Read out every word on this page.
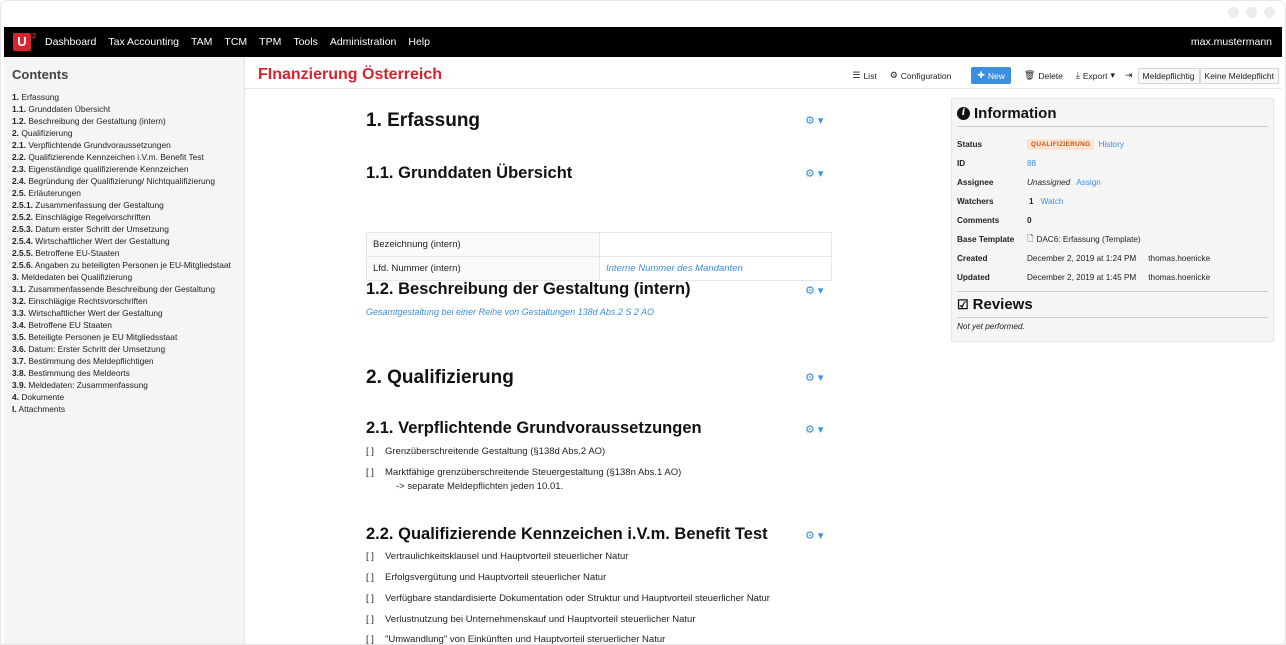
U 2 Dashboard Tax Accounting TAM TCM TPM Tools Administration Help	max.mustermann
Contents
1. Erfassung
1.1. Grunddaten Übersicht
1.2. Beschreibung der Gestaltung (intern)
2. Qualifizierung
2.1. Verpflichtende Grundvoraussetzungen
2.2. Qualifizierende Kennzeichen i.V.m. Benefit Test
2.3. Eigenständige qualifizierende Kennzeichen
2.4. Begründung der Qualifizierung/ Nichtqualifizierung
2.5. Erläuterungen
2.5.1. Zusammenfassung der Gestaltung
2.5.2. Einschlägige Regelvorschriften
2.5.3. Datum erster Schritt der Umsetzung
2.5.4. Wirtschaftlicher Wert der Gestaltung
2.5.5. Betroffene EU-Staaten
2.5.6. Angaben zu beteiligten Personen je EU-Mitgliedstaat
3. Meldedaten bei Qualifizierung
3.1. Zusammenfassende Beschreibung der Gestaltung
3.2. Einschlägige Rechtsvorschriften
3.3. Wirtschaftlicher Wert der Gestaltung
3.4. Betroffene EU Staaten
3.5. Beteiligte Personen je EU Mitgliedsstaat
3.6. Datum: Erster Schritt der Umsetzung
3.7. Bestimmung des Meldepflichtigen
3.8. Bestimmung des Meldeorts
3.9. Meldedaten: Zusammenfassung
4. Dokumente
I. Attachments
FInanzierung Österreich	☰ List ⚙ Configuration	✚ New 🗑 Delete ⤓ Export ▾ ⇥	Meldepflichtig	Keine Meldepflicht
1. Erfassung	⚙ ▾
1.1. Grunddaten Übersicht	⚙ ▾
Bezeichnung (intern)	
Lfd. Nummer (intern)	Interne Nummer des Mandanten
1.2. Beschreibung der Gestaltung (intern)	⚙ ▾
Gesamtgestaltung bei einer Reihe von Gestaltungen 138d Abs.2 S 2 AO
2. Qualifizierung	⚙ ▾
2.1. Verpflichtende Grundvoraussetzungen	⚙ ▾
[ ] Grenzüberschreitende Gestaltung (§138d Abs.2 AO)
[ ] Marktfähige grenzüberschreitende Steuergestaltung (§138n Abs.1 AO)
-> separate Meldepflichten jeden 10.01.
2.2. Qualifizierende Kennzeichen i.V.m. Benefit Test	⚙ ▾
[ ] Vertraulichkeitsklausel und Hauptvorteil steuerlicher Natur
[ ] Erfolgsvergütung und Hauptvorteil steuerlicher Natur
[ ] Verfügbare standardisierte Dokumentation oder Struktur und Hauptvorteil steuerlicher Natur
[ ] Verlustnutzung bei Unternehmenskauf und Hauptvorteil steuerlicher Natur
[ ] "Umwandlung" von Einkünften und Hauptvorteil steruerlicher Natur
i Information
Status	QUALIFIZIERUNG History
ID	88
Assignee	Unassigned Assign
Watchers	1 Watch
Comments	0
Base Template	🗋 DAC6: Erfassung (Template)
Created	December 2, 2019 at 1:24 PM thomas.hoenicke
Updated	December 2, 2019 at 1:45 PM thomas.hoenicke
☑ Reviews
Not yet performed.
